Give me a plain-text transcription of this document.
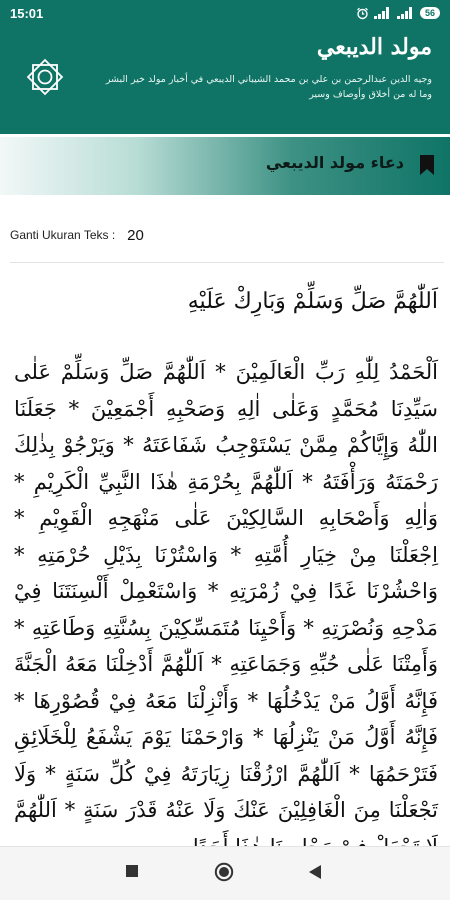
15:01	56
مولد الديبعي
وجيه الدين عبدالرحمن بن علي بن محمد الشيباني الديبعي في أخبار مولد خير البشر وما له من أخلاق وأوصاف وسير
دعاء مولد الديبعي
Ganti Ukuran Teks : 20
اَللّٰهُمَّ صَلِّ وَسَلِّمْ وَبَارِكْ عَلَيْهِ
اَلْحَمْدُ لِلّٰهِ رَبِّ الْعَالَمِيْنَ * اَللّٰهُمَّ صَلِّ وَسَلِّمْ عَلٰى سَيِّدِنَا مُحَمَّدٍ وَعَلٰى اٰلِهِ وَصَحْبِهِ أَجْمَعِيْنَ * جَعَلَنَا اللّٰهُ وَإِيَّاكُمْ مِمَّنْ يَسْتَوْجِبُ شَفَاعَتَهُ * وَيَرْجُوْ بِذٰلِكَ رَحْمَتَهُ وَرَأْفَتَهُ * اَللّٰهُمَّ بِحُرْمَةِ هٰذَا النَّبِيِّ الْكَرِيْمِ * وَاٰلِهِ وَأَصْحَابِهِ السَّالِكِيْنَ عَلٰى مَنْهَجِهِ الْقَوِيْمِ * اِجْعَلْنَا مِنْ خِيَارِ أُمَّتِهِ * وَاسْتُرْنَا بِذَيْلِ حُرْمَتِهِ * وَاحْشُرْنَا غَدًا فِيْ زُمْرَتِهِ * وَاسْتَعْمِلْ أَلْسِنَتَنَا فِيْ مَدْحِهِ وَنُصْرَتِهِ * وَأَحْيِنَا مُتَمَسِّكِيْنَ بِسُنَّتِهِ وَطَاعَتِهِ * وَأَمِتْنَا عَلٰى حُبِّهِ وَجَمَاعَتِهِ * اَللّٰهُمَّ أَدْخِلْنَا مَعَهُ الْجَنَّةَ فَإِنَّهُ أَوَّلُ مَنْ يَدْخُلُهَا * وَأَنْزِلْنَا مَعَهُ فِيْ قُصُوْرِهَا * فَإِنَّهُ أَوَّلُ مَنْ يَنْزِلُهَا * وَارْحَمْنَا يَوْمَ يَشْفَعُ لِلْخَلَائِقِ فَتَرْحَمُهَا * اَللّٰهُمَّ ارْزُقْنَا زِيَارَتَهُ فِيْ كُلِّ سَنَةٍ * وَلَا تَجْعَلْنَا مِنَ الْغَافِلِيْنَ عَنْكَ وَلَا عَنْهُ قَدْرَ سَنَةٍ * اَللّٰهُمَّ
